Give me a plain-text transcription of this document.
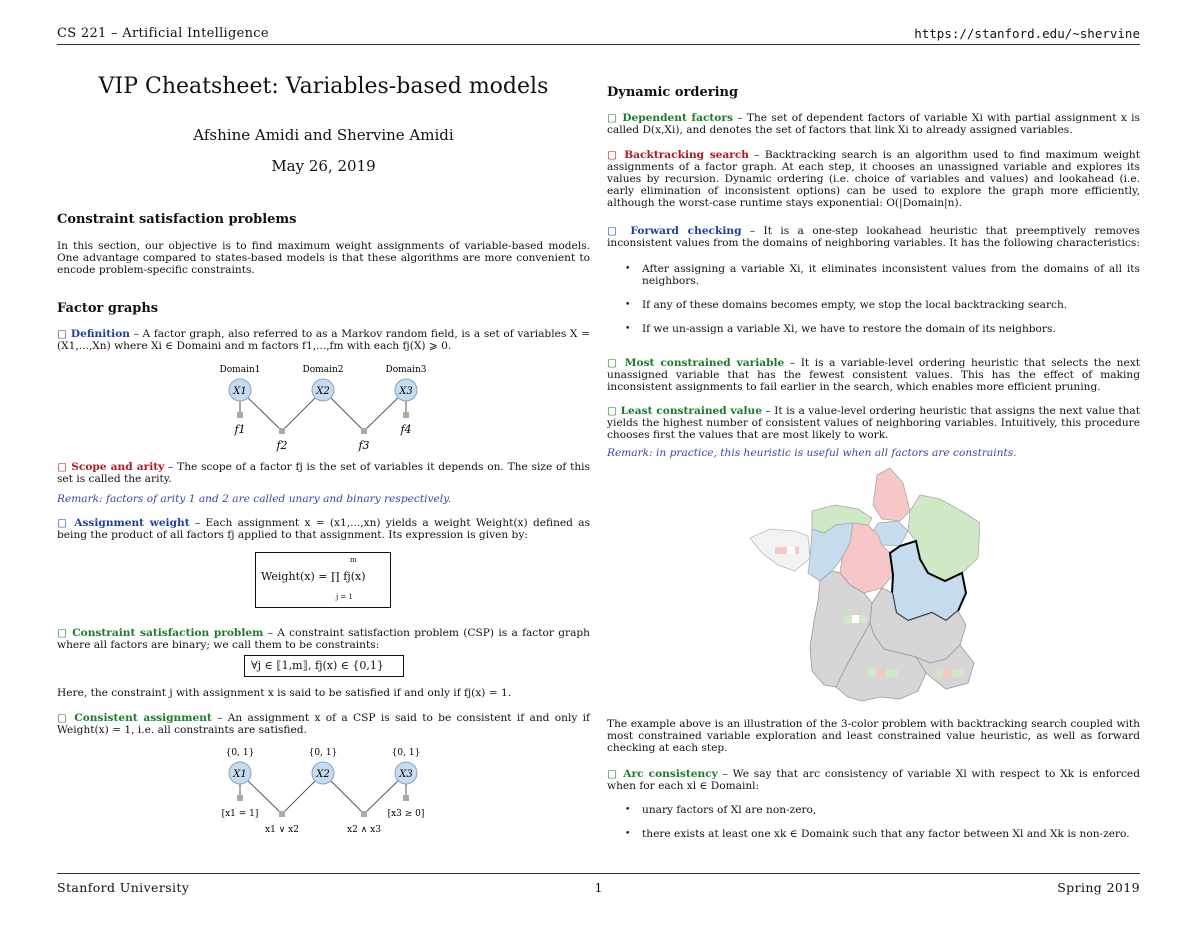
CS 221 – Artificial Intelligence	https://stanford.edu/~shervine
VIP Cheatsheet: Variables-based models
Afshine Amidi and Shervine Amidi
May 26, 2019
Constraint satisfaction problems
In this section, our objective is to find maximum weight assignments of variable-based models. One advantage compared to states-based models is that these algorithms are more convenient to encode problem-specific constraints.
Factor graphs
▢ Definition – A factor graph, also referred to as a Markov random field, is a set of variables X = (X1,...,Xn) where Xi ∈ Domaini and m factors f1,...,fm with each fj(X) ⩾ 0.
Domain1	Domain2	Domain3
X1	X2	X3
f1
f2	f3
f4
▢ Scope and arity – The scope of a factor fj is the set of variables it depends on. The size of this set is called the arity.
Remark: factors of arity 1 and 2 are called unary and binary respectively.
▢ Assignment weight – Each assignment x = (x1,...,xn) yields a weight Weight(x) defined as being the product of all factors fj applied to that assignment. Its expression is given by:
m
Weight(x) = ∏ fj(x)
j = 1
▢ Constraint satisfaction problem – A constraint satisfaction problem (CSP) is a factor graph where all factors are binary; we call them to be constraints:
∀j ∈ ⟦1,m⟧, fj(x) ∈ {0,1}
Here, the constraint j with assignment x is said to be satisfied if and only if fj(x) = 1.
▢ Consistent assignment – An assignment x of a CSP is said to be consistent if and only if Weight(x) = 1, i.e. all constraints are satisfied.
{0, 1}	{0, 1}	{0, 1}
X1	X2	X3
[x1 = 1]
x1 ∨ x2	x2 ∧ x3
[x3 ≥ 0]
Dynamic ordering
▢ Dependent factors – The set of dependent factors of variable Xi with partial assignment x is called D(x,Xi), and denotes the set of factors that link Xi to already assigned variables.
▢ Backtracking search – Backtracking search is an algorithm used to find maximum weight assignments of a factor graph. At each step, it chooses an unassigned variable and explores its values by recursion. Dynamic ordering (i.e. choice of variables and values) and lookahead (i.e. early elimination of inconsistent options) can be used to explore the graph more efficiently, although the worst-case runtime stays exponential: O(|Domain|n).
▢ Forward checking – It is a one-step lookahead heuristic that preemptively removes inconsistent values from the domains of neighboring variables. It has the following characteristics:
• After assigning a variable Xi, it eliminates inconsistent values from the domains of all its neighbors.
• If any of these domains becomes empty, we stop the local backtracking search.
• If we un-assign a variable Xi, we have to restore the domain of its neighbors.
▢ Most constrained variable – It is a variable-level ordering heuristic that selects the next unassigned variable that has the fewest consistent values. This has the effect of making inconsistent assignments to fail earlier in the search, which enables more efficient pruning.
▢ Least constrained value – It is a value-level ordering heuristic that assigns the next value that yields the highest number of consistent values of neighboring variables. Intuitively, this procedure chooses first the values that are most likely to work.
Remark: in practice, this heuristic is useful when all factors are constraints.
The example above is an illustration of the 3-color problem with backtracking search coupled with most constrained variable exploration and least constrained value heuristic, as well as forward checking at each step.
▢ Arc consistency – We say that arc consistency of variable Xl with respect to Xk is enforced when for each xl ∈ Domainl:
• unary factors of Xl are non-zero,
• there exists at least one xk ∈ Domaink such that any factor between Xl and Xk is non-zero.
Stanford University	1	Spring 2019
